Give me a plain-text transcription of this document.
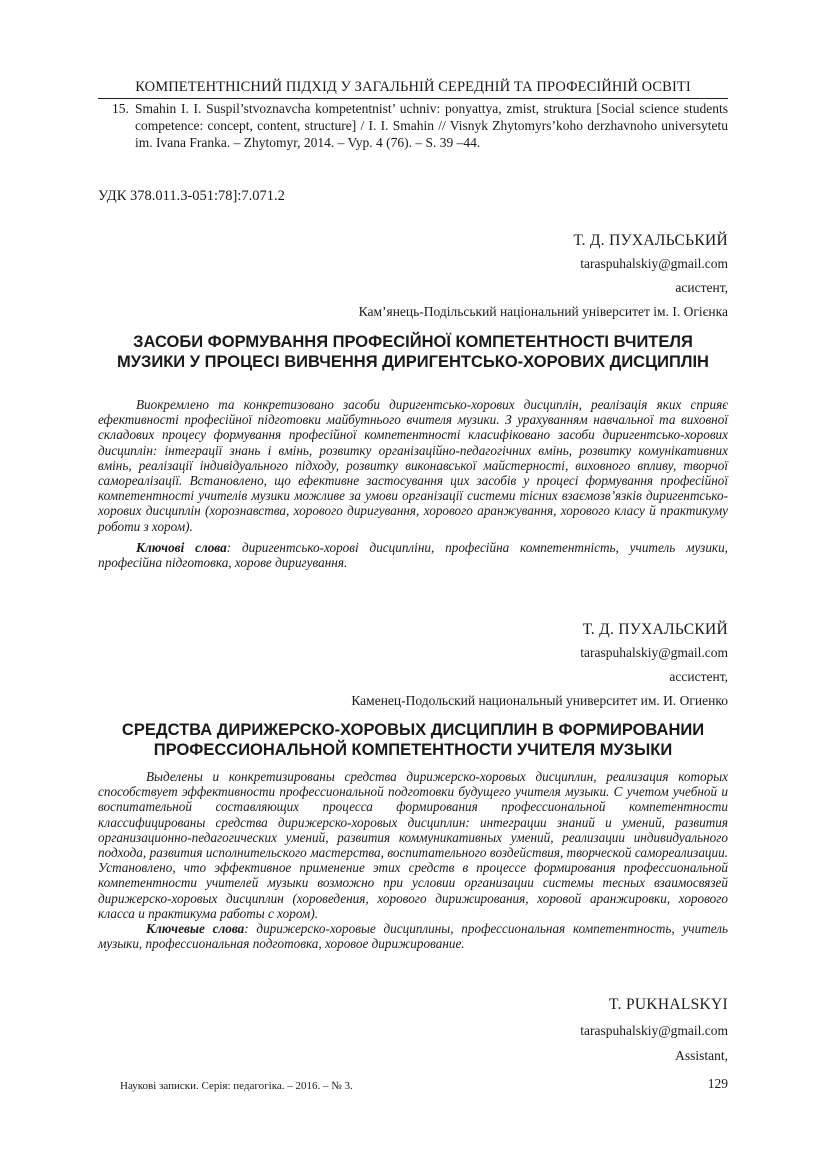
КОМПЕТЕНТНІСНИЙ ПІДХІД У ЗАГАЛЬНІЙ СЕРЕДНІЙ ТА ПРОФЕСІЙНІЙ ОСВІТІ
15. Smahin I. I. Suspil’stvoznavcha kompetentnist’ uchniv: ponyattya, zmist, struktura [Social science students competence: concept, content, structure] / I. I. Smahin // Visnyk Zhytomyrs’koho derzhavnoho universytetu im. Ivana Franka. – Zhytomyr, 2014. – Vyp. 4 (76). – S. 39 –44.
УДК 378.011.3-051:78]:7.071.2
Т. Д. ПУХАЛЬСЬКИЙ
taraspuhalskiy@gmail.com
асистент,
Кам’янець-Подільський національний університет ім. І. Огієнка
ЗАСОБИ ФОРМУВАННЯ ПРОФЕСІЙНОЇ КОМПЕТЕНТНОСТІ ВЧИТЕЛЯ МУЗИКИ У ПРОЦЕСІ ВИВЧЕННЯ ДИРИГЕНТСЬКО-ХОРОВИХ ДИСЦИПЛІН

Виокремлено та конкретизовано засоби диригентсько-хорових дисциплін, реалізація яких сприяє ефективності професійної підготовки майбутнього вчителя музики. З урахуванням навчальної та виховної складових процесу формування професійної компетентності класифіковано засоби диригентсько-хорових дисциплін: інтеграції знань і вмінь, розвитку організаційно-педагогічних вмінь, розвитку комунікативних вмінь, реалізації індивідуального підходу, розвитку виконавської майстерності, виховного впливу, творчої самореалізації. Встановлено, що ефективне застосування цих засобів у процесі формування професійної компетентності учителів музики можливе за умови організації системи тісних взаємозв’язків диригентсько-хорових дисциплін (хорознавства, хорового диригування, хорового аранжування, хорового класу й практикуму роботи з хором).

Ключові слова: диригентсько-хорові дисципліни, професійна компетентність, учитель музики, професійна підготовка, хорове диригування.

Т. Д. ПУХАЛЬСКИЙ
taraspuhalskiy@gmail.com
ассистент,
Каменец-Подольский национальный университет им. И. Огиенко
СРЕДСТВА ДИРИЖЕРСКО-ХОРОВЫХ ДИСЦИПЛИН В ФОРМИРОВАНИИ ПРОФЕССИОНАЛЬНОЙ КОМПЕТЕНТНОСТИ УЧИТЕЛЯ МУЗЫКИ

Выделены и конкретизированы средства дирижерско-хоровых дисциплин, реализация которых способствует эффективности профессиональной подготовки будущего учителя музыки. С учетом учебной и воспитательной составляющих процесса формирования профессиональной компетентности классифицированы средства дирижерско-хоровых дисциплин: интеграции знаний и умений, развития организационно-педагогических умений, развития коммуникативных умений, реализации индивидуального подхода, развития исполнительского мастерства, воспитательного воздействия, творческой самореализации. Установлено, что эффективное применение этих средств в процессе формирования профессиональной компетентности учителей музыки возможно при условии организации системы тесных взаимосвязей дирижерско-хоровых дисциплин (хороведения, хорового дирижирования, хоровой аранжировки, хорового класса и практикума работы с хором).

Ключевые слова: дирижерско-хоровые дисциплины, профессиональная компетентность, учитель музыки, профессиональная подготовка, хоровое дирижирование.

T. PUKHALSKYI
taraspuhalskiy@gmail.com
Assistant,
Наукові записки. Серія: педагогіка. – 2016. – № 3.	129
